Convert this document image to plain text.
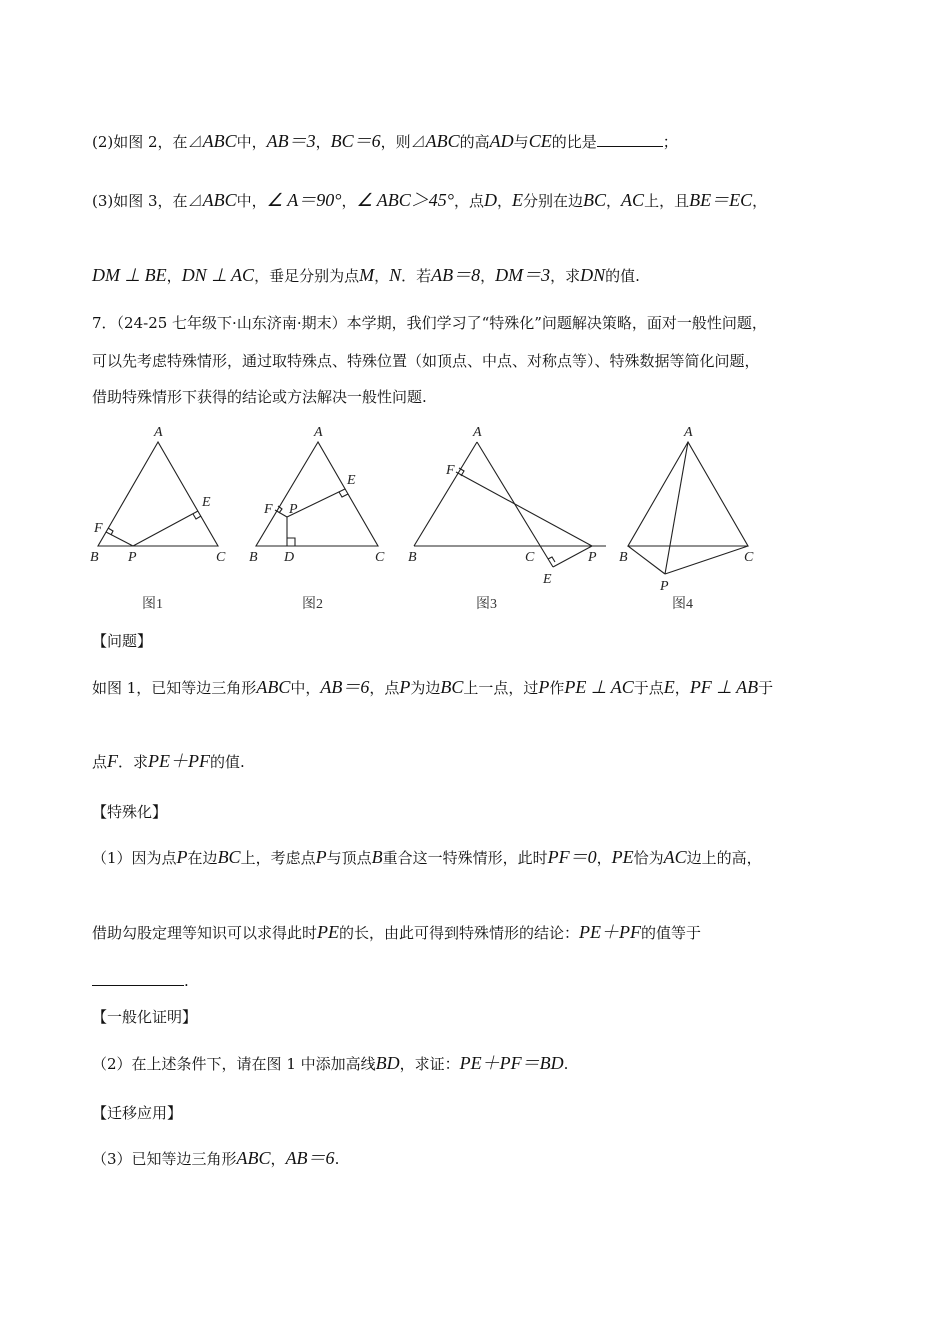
(2)如图 2，在⊿ABC中，AB＝3，BC＝6，则⊿ABC的高AD与CE的比是	；
(3)如图 3，在⊿ABC中，∠ A＝90°，∠ ABC＞45°，点D，E分别在边BC，AC上，且BE＝EC，
DM ⊥ BE，DN ⊥ AC，垂足分别为点M，N．若AB＝8，DM＝3，求DN的值.
7．（24-25 七年级下·山东济南·期末）本学期，我们学习了“特殊化”问题解决策略，面对一般性问题，
可以先考虑特殊情形，通过取特殊点、特殊位置（如顶点、中点、对称点等）、特殊数据等简化问题，
借助特殊情形下获得的结论或方法解决一般性问题.
A
B	C
P
F
E
图1
A
B	C
D
F P
E
图2
A
B	C	P
F
E
图3
A
B	C
P
图4
【问题】
如图 1，已知等边三角形ABC中，AB＝6，点P为边BC上一点，过P作PE ⊥ AC于点E，PF ⊥ AB于
点F．求PE＋PF的值.
【特殊化】
（1）因为点P在边BC上，考虑点P与顶点B重合这一特殊情形，此时PF＝0，PE恰为AC边上的高，
借助勾股定理等知识可以求得此时PE的长，由此可得到特殊情形的结论：PE＋PF的值等于
.
【一般化证明】
（2）在上述条件下，请在图 1 中添加高线BD，求证：PE＋PF＝BD.
【迁移应用】
（3）已知等边三角形ABC，AB＝6.
